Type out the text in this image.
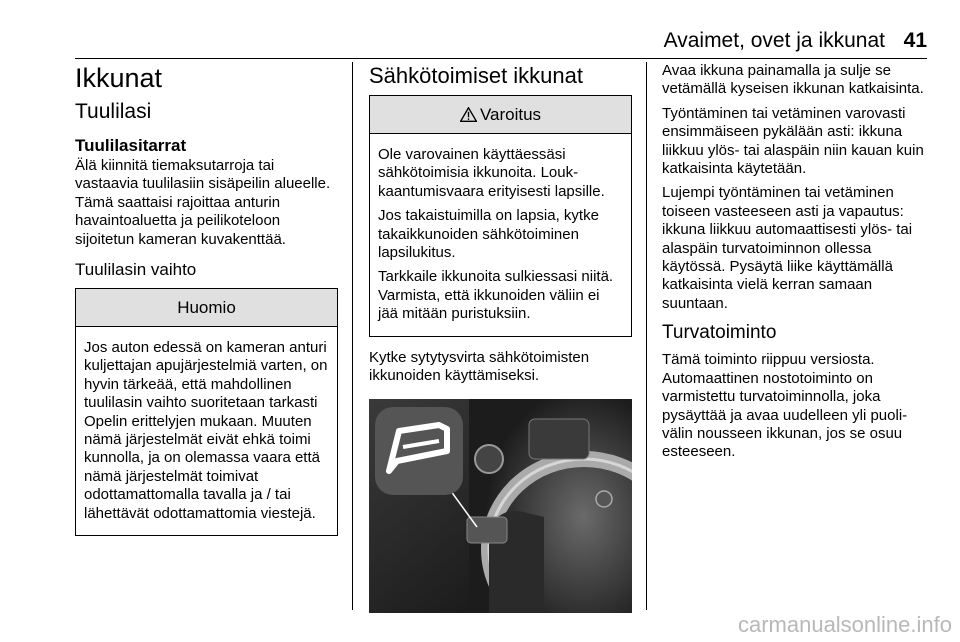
Avaimet, ovet ja ikkunat 41
Ikkunat
Tuulilasi
Tuulilasitarrat
Älä kiinnitä tiemaksutarroja tai vastaavia tuulilasiin sisäpeilin alueelle. Tämä saattaisi rajoittaa anturin havaintoaluetta ja peilikoteloon sijoitetun kameran kuvakenttää.
Tuulilasin vaihto
Huomio
Jos auton edessä on kameran anturi kuljettajan apujärjestelmiä varten, on hyvin tärkeää, että mahdollinen tuulilasin vaihto suoritetaan tarkasti Opelin erittelyjen mukaan. Muuten nämä järjestelmät eivät ehkä toimi kunnolla, ja on olemassa vaara että nämä järjestelmät toimivat odottamattomalla tavalla ja / tai lähettävät odottamattomia viestejä.
Sähkötoimiset ikkunat
Varoitus
Ole varovainen käyttäessäsi sähkötoimisia ikkunoita. Loukkaantumisvaara erityisesti lapsille.
Jos takaistuimilla on lapsia, kytke takaikkunoiden sähkötoiminen lapsilukitus.
Tarkkaile ikkunoita sulkiessasi niitä. Varmista, että ikkunoiden väliin ei jää mitään puristuksiin.
Kytke sytytysvirta sähkötoimisten ikkunoiden käyttämiseksi.
Avaa ikkuna painamalla ja sulje se vetämällä kyseisen ikkunan katkaisinta.
Työntäminen tai vetäminen varovasti ensimmäiseen pykälään asti: ikkuna liikkuu ylös- tai alaspäin niin kauan kuin katkaisinta käytetään.
Lujempi työntäminen tai vetäminen toiseen vasteeseen asti ja vapautus: ikkuna liikkuu automaattisesti ylös- tai alaspäin turvatoiminnon ollessa käytössä. Pysäytä liike käyttämällä katkaisinta vielä kerran samaan suuntaan.
Turvatoiminto
Tämä toiminto riippuu versiosta. Automaattinen nostotoiminto on varmistettu turvatoiminnolla, joka pysäyttää ja avaa uudelleen yli puolivälin nousseen ikkunan, jos se osuu esteeseen.
carmanualsonline.info
